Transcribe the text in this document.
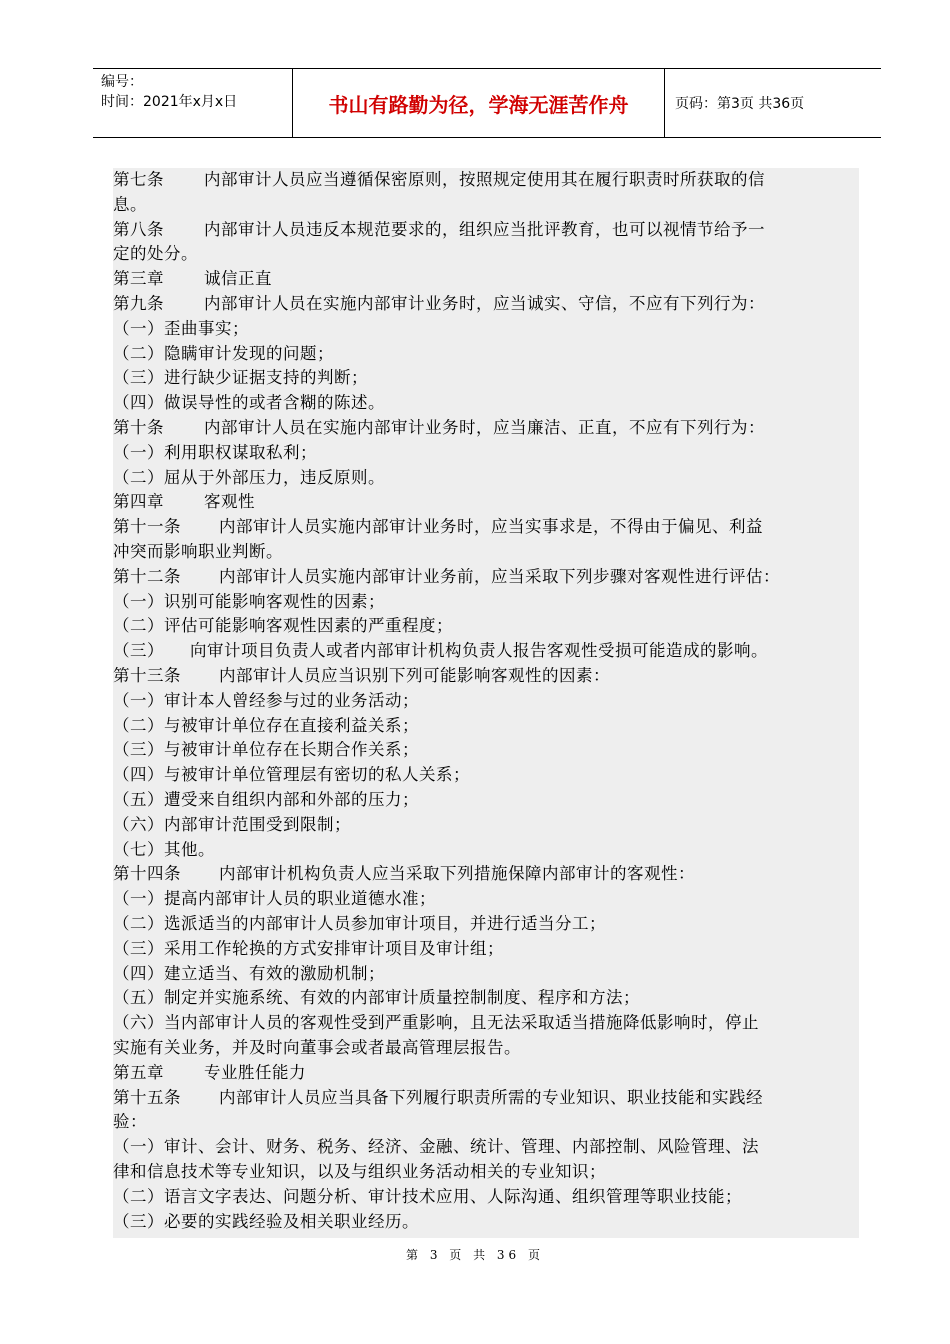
编号：
时间：2021年x月x日	书山有路勤为径，学海无涯苦作舟	页码：第3页 共36页
第七条 内部审计人员应当遵循保密原则，按照规定使用其在履行职责时所获取的信
息。
第八条 内部审计人员违反本规范要求的，组织应当批评教育，也可以视情节给予一
定的处分。
第三章 诚信正直
第九条 内部审计人员在实施内部审计业务时，应当诚实、守信，不应有下列行为：
（一）歪曲事实；
（二）隐瞒审计发现的问题；
（三）进行缺少证据支持的判断；
（四）做误导性的或者含糊的陈述。
第十条 内部审计人员在实施内部审计业务时，应当廉洁、正直，不应有下列行为：
（一）利用职权谋取私利；
（二）屈从于外部压力，违反原则。
第四章 客观性
第十一条 内部审计人员实施内部审计业务时，应当实事求是，不得由于偏见、利益
冲突而影响职业判断。
第十二条 内部审计人员实施内部审计业务前，应当采取下列步骤对客观性进行评估：
（一）识别可能影响客观性的因素；
（二）评估可能影响客观性因素的严重程度；
（三） 向审计项目负责人或者内部审计机构负责人报告客观性受损可能造成的影响。
第十三条 内部审计人员应当识别下列可能影响客观性的因素：
（一）审计本人曾经参与过的业务活动；
（二）与被审计单位存在直接利益关系；
（三）与被审计单位存在长期合作关系；
（四）与被审计单位管理层有密切的私人关系；
（五）遭受来自组织内部和外部的压力；
（六）内部审计范围受到限制；
（七）其他。
第十四条 内部审计机构负责人应当采取下列措施保障内部审计的客观性：
（一）提高内部审计人员的职业道德水准；
（二）选派适当的内部审计人员参加审计项目，并进行适当分工；
（三）采用工作轮换的方式安排审计项目及审计组；
（四）建立适当、有效的激励机制；
（五）制定并实施系统、有效的内部审计质量控制制度、程序和方法；
（六）当内部审计人员的客观性受到严重影响，且无法采取适当措施降低影响时，停止
实施有关业务，并及时向董事会或者最高管理层报告。
第五章 专业胜任能力
第十五条 内部审计人员应当具备下列履行职责所需的专业知识、职业技能和实践经
验：
（一）审计、会计、财务、税务、经济、金融、统计、管理、内部控制、风险管理、法
律和信息技术等专业知识，以及与组织业务活动相关的专业知识；
（二）语言文字表达、问题分析、审计技术应用、人际沟通、组织管理等职业技能；
（三）必要的实践经验及相关职业经历。
第 3 页 共 36 页
